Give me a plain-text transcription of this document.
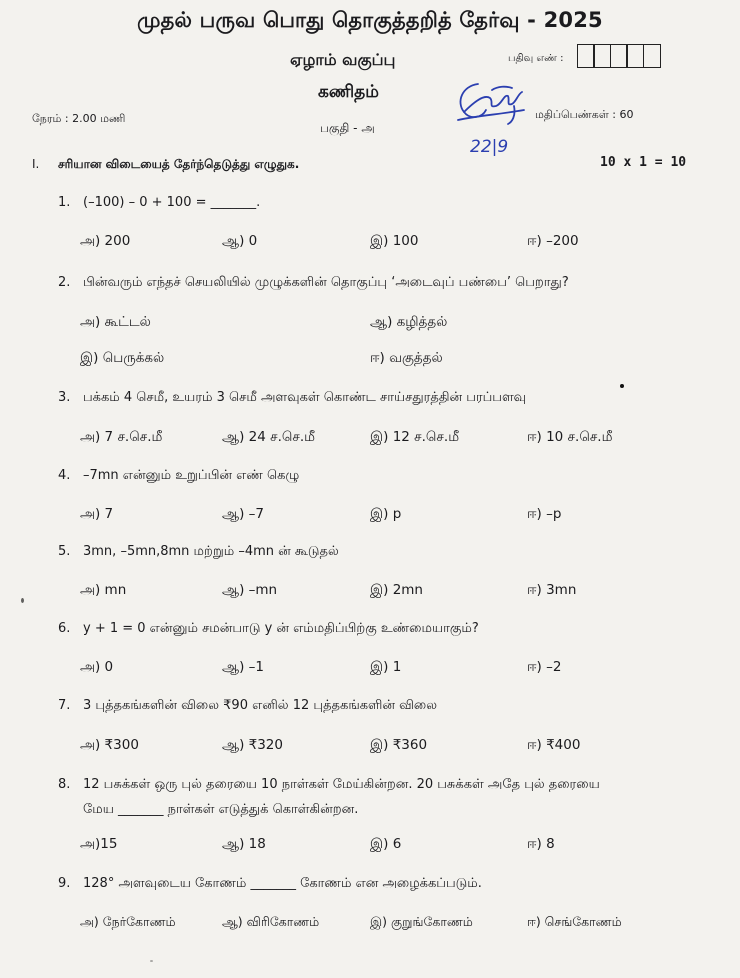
முதல் பருவ பொது தொகுத்தறித் தேர்வு - 2025
ஏழாம் வகுப்பு
கணிதம்
பதிவு எண் :
நேரம் : 2.00 மணி
பகுதி - அ
மதிப்பெண்கள் : 60
22|9
I. சரியான விடையைத் தேர்ந்தெடுத்து எழுதுக.	10 x 1 = 10
1. (–100) – 0 + 100 = _______.
அ) 200	ஆ) 0	இ) 100	ஈ) –200
2. பின்வரும் எந்தச் செயலியில் முழுக்களின் தொகுப்பு ‘அடைவுப் பண்பை’ பெறாது?
அ) கூட்டல்	ஆ) கழித்தல்
இ) பெருக்கல்	ஈ) வகுத்தல்
3. பக்கம் 4 செமீ, உயரம் 3 செமீ அளவுகள் கொண்ட சாய்சதுரத்தின் பரப்பளவு
அ) 7 ச.செ.மீ	ஆ) 24 ச.செ.மீ	இ) 12 ச.செ.மீ	ஈ) 10 ச.செ.மீ
4. –7mn என்னும் உறுப்பின் எண் கெழு
அ) 7	ஆ) –7	இ) p	ஈ) –p
5. 3mn, –5mn,8mn மற்றும் –4mn ன் கூடுதல்
அ) mn	ஆ) –mn	இ) 2mn	ஈ) 3mn
6. y + 1 = 0 என்னும் சமன்பாடு y ன் எம்மதிப்பிற்கு உண்மையாகும்?
அ) 0	ஆ) –1	இ) 1	ஈ) –2
7. 3 புத்தகங்களின் விலை ₹90 எனில் 12 புத்தகங்களின் விலை
அ) ₹300	ஆ) ₹320	இ) ₹360	ஈ) ₹400
8. 12 பசுக்கள் ஒரு புல் தரையை 10 நாள்கள் மேய்கின்றன. 20 பசுக்கள் அதே புல் தரையை
மேய _______ நாள்கள் எடுத்துக் கொள்கின்றன.
அ)15	ஆ) 18	இ) 6	ஈ) 8
9. 128° அளவுடைய கோணம் _______ கோணம் என அழைக்கப்படும்.
அ) நேர்கோணம்	ஆ) விரிகோணம்	இ) குறுங்கோணம்	ஈ) செங்கோணம்
